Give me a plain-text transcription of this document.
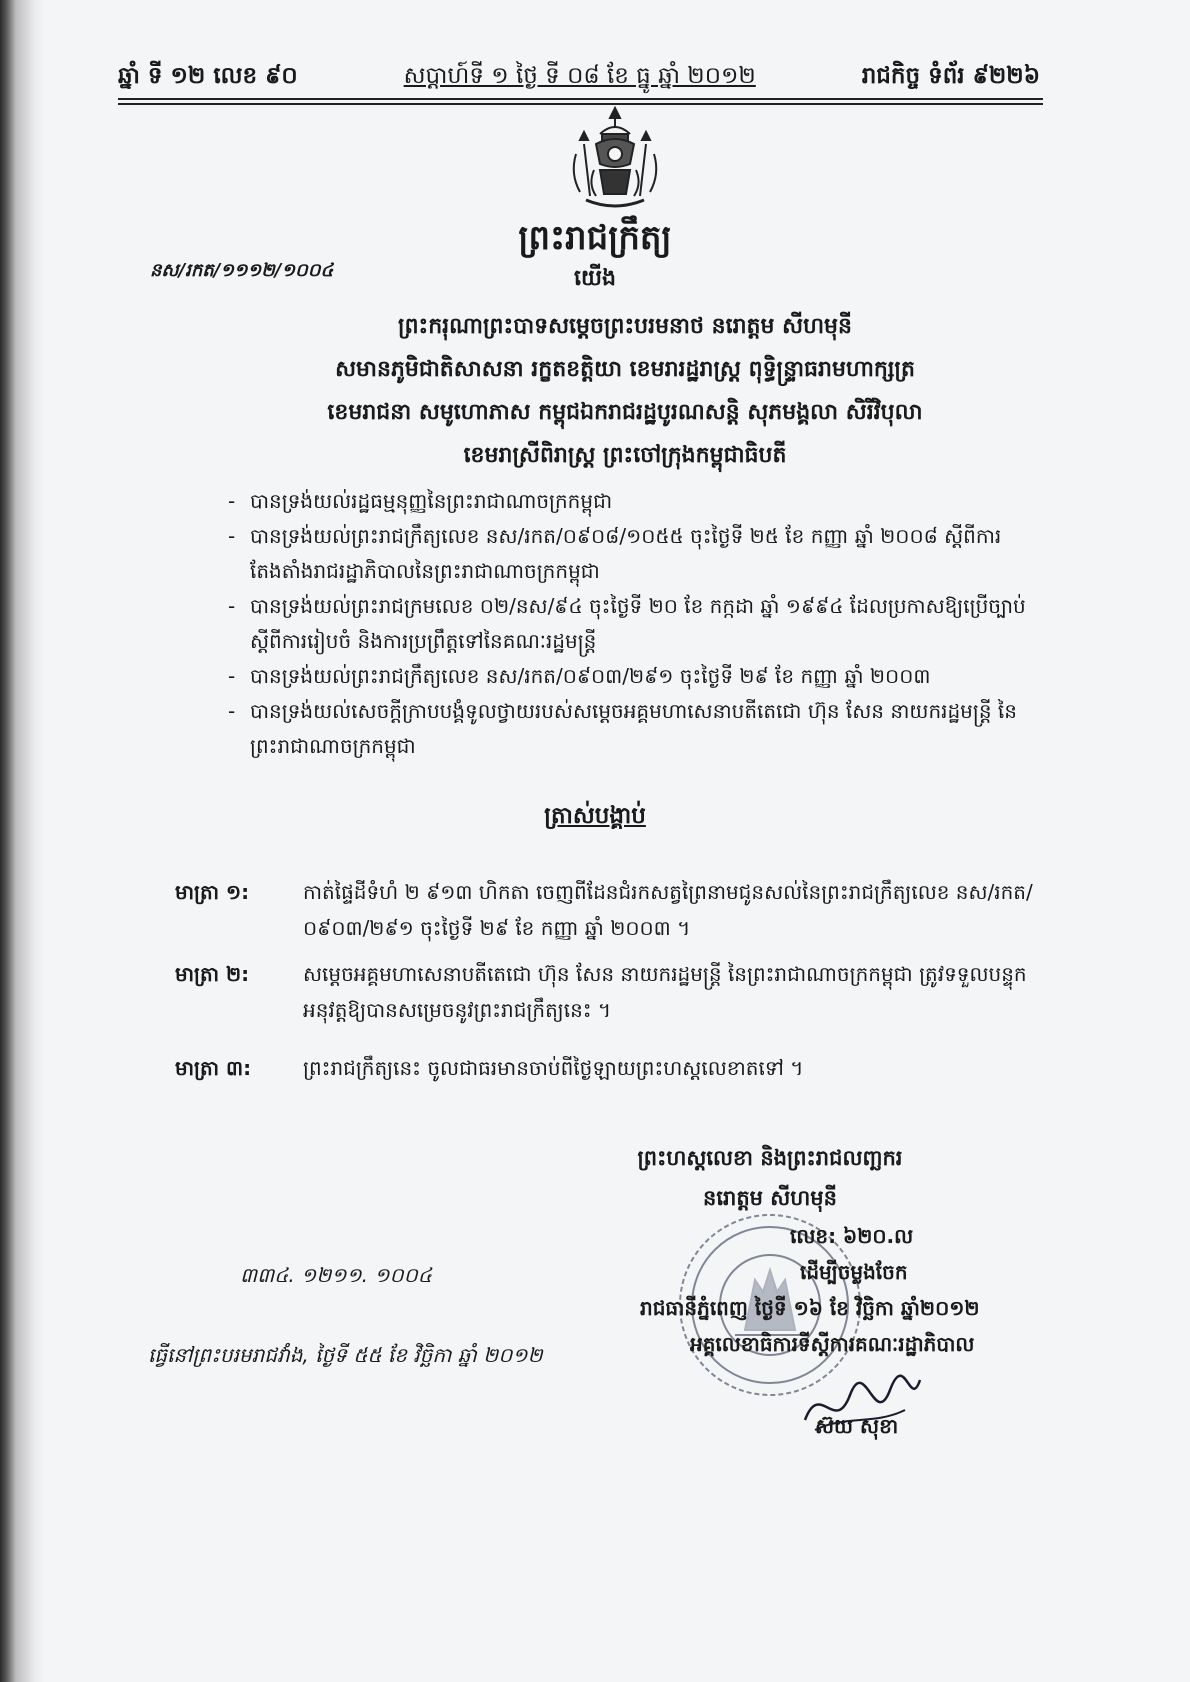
ឆ្នាំ ទី ១២ លេខ ៩០	សប្តាហ៍ទី ១ ថ្ងៃ ទី ០៨ ខែ ធ្នូ ឆ្នាំ ២០១២	រាជកិច្ច ទំព័រ ៩២២៦
ព្រះរាជក្រឹត្យ
នស/រកត/១១១២/១០០៤	យើង
ព្រះករុណាព្រះបាទសម្តេចព្រះបរមនាថ នរោត្តម សីហមុនី
សមានភូមិជាតិសាសនា រក្ខតខត្តិយា ខេមរារដ្ឋរាស្ត្រ ពុទ្ធិន្ទ្រាធរាមហាក្សត្រ
ខេមរាជនា សមូហោភាស កម្ពុជឯករាជរដ្ឋបូរណសន្តិ សុភមង្គលា សិរីវិបុលា
ខេមរាស្រីពិរាស្ត្រ ព្រះចៅក្រុងកម្ពុជាធិបតី
- បានទ្រង់យល់រដ្ឋធម្មនុញ្ញនៃព្រះរាជាណាចក្រកម្ពុជា
- បានទ្រង់យល់ព្រះរាជក្រឹត្យលេខ នស/រកត/០៩០៨/១០៥៥ ចុះថ្ងៃទី ២៥ ខែ កញ្ញា ឆ្នាំ ២០០៨ ស្តីពីការតែងតាំងរាជរដ្ឋាភិបាលនៃព្រះរាជាណាចក្រកម្ពុជា
- បានទ្រង់យល់ព្រះរាជក្រមលេខ ០២/នស/៩៤ ចុះថ្ងៃទី ២០ ខែ កក្កដា ឆ្នាំ ១៩៩៤ ដែលប្រកាសឱ្យប្រើច្បាប់ស្តីពីការរៀបចំ និងការប្រព្រឹត្តទៅនៃគណៈរដ្ឋមន្ត្រី
- បានទ្រង់យល់ព្រះរាជក្រឹត្យលេខ នស/រកត/០៩០៣/២៩១ ចុះថ្ងៃទី ២៩ ខែ កញ្ញា ឆ្នាំ ២០០៣
- បានទ្រង់យល់សេចក្តីក្រាបបង្គំទូលថ្វាយរបស់សម្តេចអគ្គមហាសេនាបតីតេជោ ហ៊ុន សែន នាយករដ្ឋមន្ត្រី នៃព្រះរាជាណាចក្រកម្ពុជា
ត្រាស់បង្គាប់
មាត្រា ១:	កាត់ផ្ទៃដីទំហំ ២ ៩១៣ ហិកតា ចេញពីដែនជំរកសត្វព្រៃនាមជូនសល់នៃព្រះរាជក្រឹត្យលេខ នស/រកត/០៩០៣/២៩១ ចុះថ្ងៃទី ២៩ ខែ កញ្ញា ឆ្នាំ ២០០៣ ។
មាត្រា ២:	សម្តេចអគ្គមហាសេនាបតីតេជោ ហ៊ុន សែន នាយករដ្ឋមន្ត្រី នៃព្រះរាជាណាចក្រកម្ពុជា ត្រូវទទួលបន្ទុកអនុវត្តឱ្យបានសម្រេចនូវព្រះរាជក្រឹត្យនេះ ។
មាត្រា ៣:	ព្រះរាជក្រឹត្យនេះ ចូលជាធរមានចាប់ពីថ្ងៃឡាយព្រះហស្តលេខាតទៅ ។
ព្រះហស្តលេខា និងព្រះរាជលញ្ឆករ
នរោត្តម សីហមុនី
៣៣៤. ១២១១. ១០០៤
ធ្វើនៅព្រះបរមរាជវាំង, ថ្ងៃទី ៥៥ ខែ វិច្ឆិកា ឆ្នាំ ២០១២
លេខ: ៦២០.ល
ដើម្បីចម្លងចែក
រាជធានីភ្នំពេញ ថ្ងៃទី ១៦ ខែ វិច្ឆិកា ឆ្នាំ២០១២
អគ្គលេខាធិការទីស្តីការគណៈរដ្ឋាភិបាល
ស៊យ សុខា
